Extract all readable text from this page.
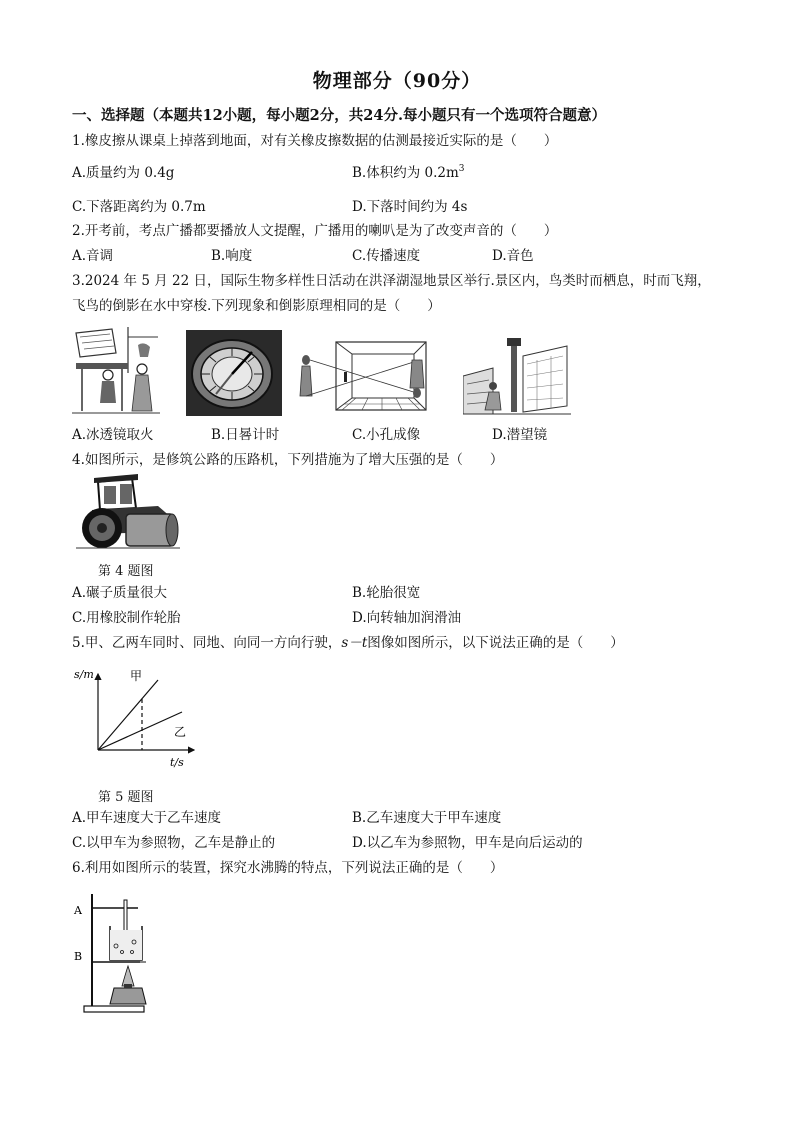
物理部分（90分）
一、选择题（本题共12小题，每小题2分，共24分.每小题只有一个选项符合题意）
1.橡皮擦从课桌上掉落到地面，对有关橡皮擦数据的估测最接近实际的是（　　）
A.质量约为 0.4g	B.体积约为 $0.2m^3$
C.下落距离约为 0.7m	D.下落时间约为 4s
2.开考前，考点广播都要播放人文提醒，广播用的喇叭是为了改变声音的（　　）
A.音调	B.响度	C.传播速度	D.音色
3.2024 年 5 月 22 日，国际生物多样性日活动在洪泽湖湿地景区举行.景区内，鸟类时而栖息，时而飞翔，
飞鸟的倒影在水中穿梭.下列现象和倒影原理相同的是（　　）
A.冰透镜取火	B.日晷计时	C.小孔成像	D.潜望镜
4.如图所示，是修筑公路的压路机，下列措施为了增大压强的是（　　）
第 4 题图
A.碾子质量很大	B.轮胎很宽
C.用橡胶制作轮胎	D.向转轴加润滑油
5.甲、乙两车同时、同地、向同一方向行驶，s－t图像如图所示，以下说法正确的是（　　）
s/m
t/s
甲
乙
第 5 题图
A.甲车速度大于乙车速度	B.乙车速度大于甲车速度
C.以甲车为参照物，乙车是静止的	D.以乙车为参照物，甲车是向后运动的
6.利用如图所示的装置，探究水沸腾的特点，下列说法正确的是（　　）
A
B
